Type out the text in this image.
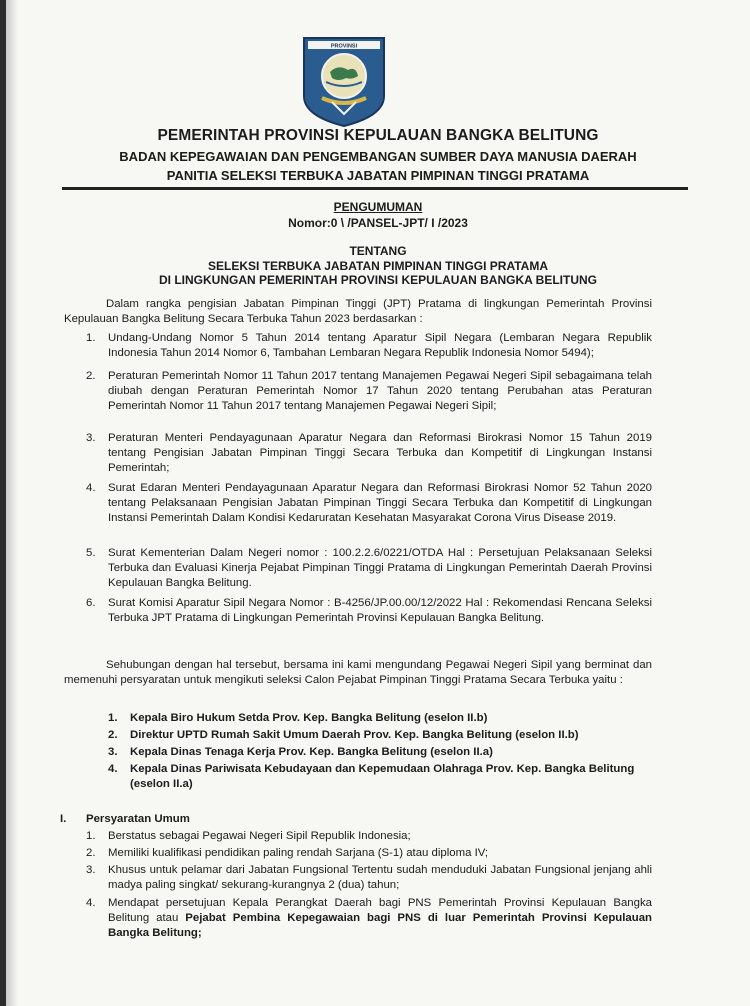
PROVINSI
PEMERINTAH PROVINSI KEPULAUAN BANGKA BELITUNG
BADAN KEPEGAWAIAN DAN PENGEMBANGAN SUMBER DAYA MANUSIA DAERAH
PANITIA SELEKSI TERBUKA JABATAN PIMPINAN TINGGI PRATAMA
PENGUMUMAN
Nomor:0 \ /PANSEL-JPT/ I /2023
TENTANG
SELEKSI TERBUKA JABATAN PIMPINAN TINGGI PRATAMA
DI LINGKUNGAN PEMERINTAH PROVINSI KEPULAUAN BANGKA BELITUNG
Dalam rangka pengisian Jabatan Pimpinan Tinggi (JPT) Pratama di lingkungan Pemerintah Provinsi Kepulauan Bangka Belitung Secara Terbuka Tahun 2023 berdasarkan :
1.	Undang-Undang Nomor 5 Tahun 2014 tentang Aparatur Sipil Negara (Lembaran Negara Republik Indonesia Tahun 2014 Nomor 6, Tambahan Lembaran Negara Republik Indonesia Nomor 5494);
2.	Peraturan Pemerintah Nomor 11 Tahun 2017 tentang Manajemen Pegawai Negeri Sipil sebagaimana telah diubah dengan Peraturan Pemerintah Nomor 17 Tahun 2020 tentang Perubahan atas Peraturan Pemerintah Nomor 11 Tahun 2017 tentang Manajemen Pegawai Negeri Sipil;
3.	Peraturan Menteri Pendayagunaan Aparatur Negara dan Reformasi Birokrasi Nomor 15 Tahun 2019 tentang Pengisian Jabatan Pimpinan Tinggi Secara Terbuka dan Kompetitif di Lingkungan Instansi Pemerintah;
4.	Surat Edaran Menteri Pendayagunaan Aparatur Negara dan Reformasi Birokrasi Nomor 52 Tahun 2020 tentang Pelaksanaan Pengisian Jabatan Pimpinan Tinggi Secara Terbuka dan Kompetitif di Lingkungan Instansi Pemerintah Dalam Kondisi Kedaruratan Kesehatan Masyarakat Corona Virus Disease 2019.
5.	Surat Kementerian Dalam Negeri nomor : 100.2.2.6/0221/OTDA Hal : Persetujuan Pelaksanaan Seleksi Terbuka dan Evaluasi Kinerja Pejabat Pimpinan Tinggi Pratama di Lingkungan Pemerintah Daerah Provinsi Kepulauan Bangka Belitung.
6.	Surat Komisi Aparatur Sipil Negara Nomor : B-4256/JP.00.00/12/2022 Hal : Rekomendasi Rencana Seleksi Terbuka JPT Pratama di Lingkungan Pemerintah Provinsi Kepulauan Bangka Belitung.
Sehubungan dengan hal tersebut, bersama ini kami mengundang Pegawai Negeri Sipil yang berminat dan memenuhi persyaratan untuk mengikuti seleksi Calon Pejabat Pimpinan Tinggi Pratama Secara Terbuka yaitu :
1.	Kepala Biro Hukum Setda Prov. Kep. Bangka Belitung (eselon II.b)
2.	Direktur UPTD Rumah Sakit Umum Daerah Prov. Kep. Bangka Belitung (eselon II.b)
3.	Kepala Dinas Tenaga Kerja Prov. Kep. Bangka Belitung (eselon II.a)
4.	Kepala Dinas Pariwisata Kebudayaan dan Kepemudaan Olahraga Prov. Kep. Bangka Belitung (eselon II.a)
I.	Persyaratan Umum
1.	Berstatus sebagai Pegawai Negeri Sipil Republik Indonesia;
2.	Memiliki kualifikasi pendidikan paling rendah Sarjana (S-1) atau diploma IV;
3.	Khusus untuk pelamar dari Jabatan Fungsional Tertentu sudah menduduki Jabatan Fungsional jenjang ahli madya paling singkat/ sekurang-kurangnya 2 (dua) tahun;
4.	Mendapat persetujuan Kepala Perangkat Daerah bagi PNS Pemerintah Provinsi Kepulauan Bangka Belitung atau Pejabat Pembina Kepegawaian bagi PNS di luar Pemerintah Provinsi Kepulauan Bangka Belitung;
